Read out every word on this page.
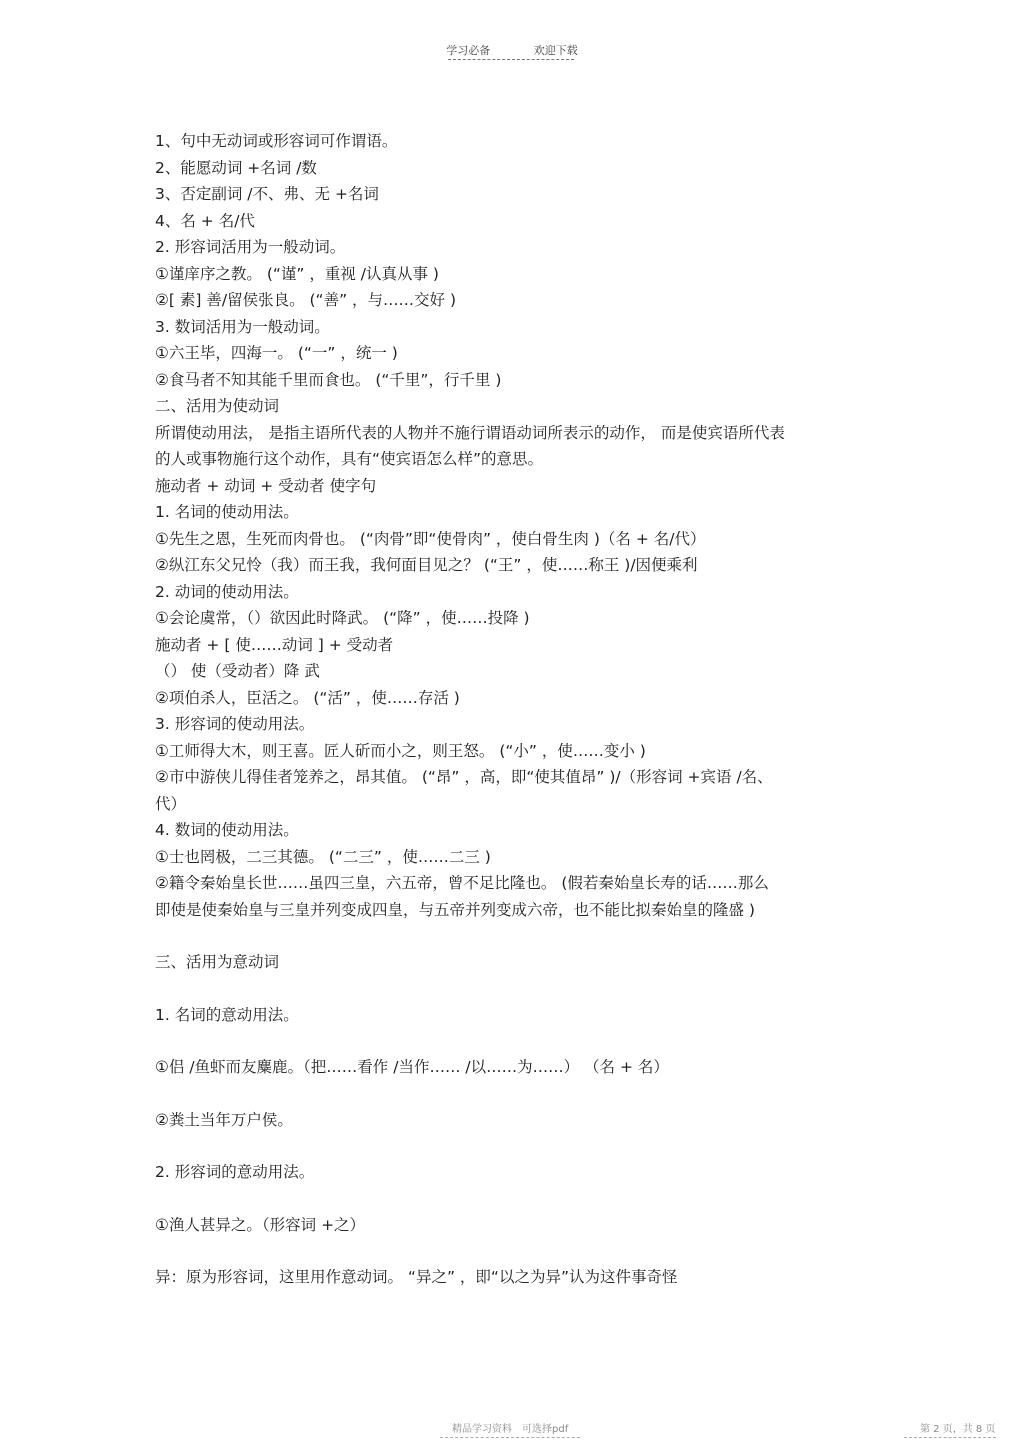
学习必备	欢迎下载
1、句中无动词或形容词可作谓语。
2、能愿动词 +名词 /数
3、否定副词 /不、弗、无 +名词
4、名 + 名/代
2. 形容词活用为一般动词。
①谨庠序之教。 (“谨” ，重视 /认真从事 )
②[ 素] 善/留侯张良。 (“善” ，与……交好 )
3. 数词活用为一般动词。
①六王毕，四海一。 (“一” ，统一 )
②食马者不知其能千里而食也。 (“千里”，行千里 )
二、活用为使动词
所谓使动用法， 是指主语所代表的人物并不施行谓语动词所表示的动作， 而是使宾语所代表
的人或事物施行这个动作，具有“使宾语怎么样”的意思。
施动者 + 动词 + 受动者 使字句
1. 名词的使动用法。
①先生之恩，生死而肉骨也。 (“肉骨”即“使骨肉” ，使白骨生肉 )（名 + 名/代）
②纵江东父兄怜（我）而王我，我何面目见之？ (“王” ，使……称王 )/因便乘利
2. 动词的使动用法。
①会论虞常，（）欲因此时降武。 (“降” ，使……投降 )
施动者 + [ 使……动词 ] + 受动者
（） 使（受动者）降 武
②项伯杀人，臣活之。 (“活” ，使……存活 )
3. 形容词的使动用法。
①工师得大木，则王喜。匠人斫而小之，则王怒。 (“小” ，使……变小 )
②市中游侠儿得佳者笼养之，昂其值。 (“昂” ，高，即“使其值昂” )/（形容词 +宾语 /名、
代）
4. 数词的使动用法。
①士也罔极，二三其德。 (“二三” ，使……二三 )
②籍令秦始皇长世……虽四三皇，六五帝，曾不足比隆也。 (假若秦始皇长寿的话……那么
即使是使秦始皇与三皇并列变成四皇，与五帝并列变成六帝，也不能比拟秦始皇的隆盛 )
三、活用为意动词
1. 名词的意动用法。
①侣 /鱼虾而友麋鹿。（把……看作 /当作…… /以……为……） （名 + 名）
②粪土当年万户侯。
2. 形容词的意动用法。
①渔人甚异之。（形容词 +之）
异：原为形容词，这里用作意动词。 “异之” ，即“以之为异”认为这件事奇怪
精品学习资料　可选择pdf	第 2 页，共 8 页
